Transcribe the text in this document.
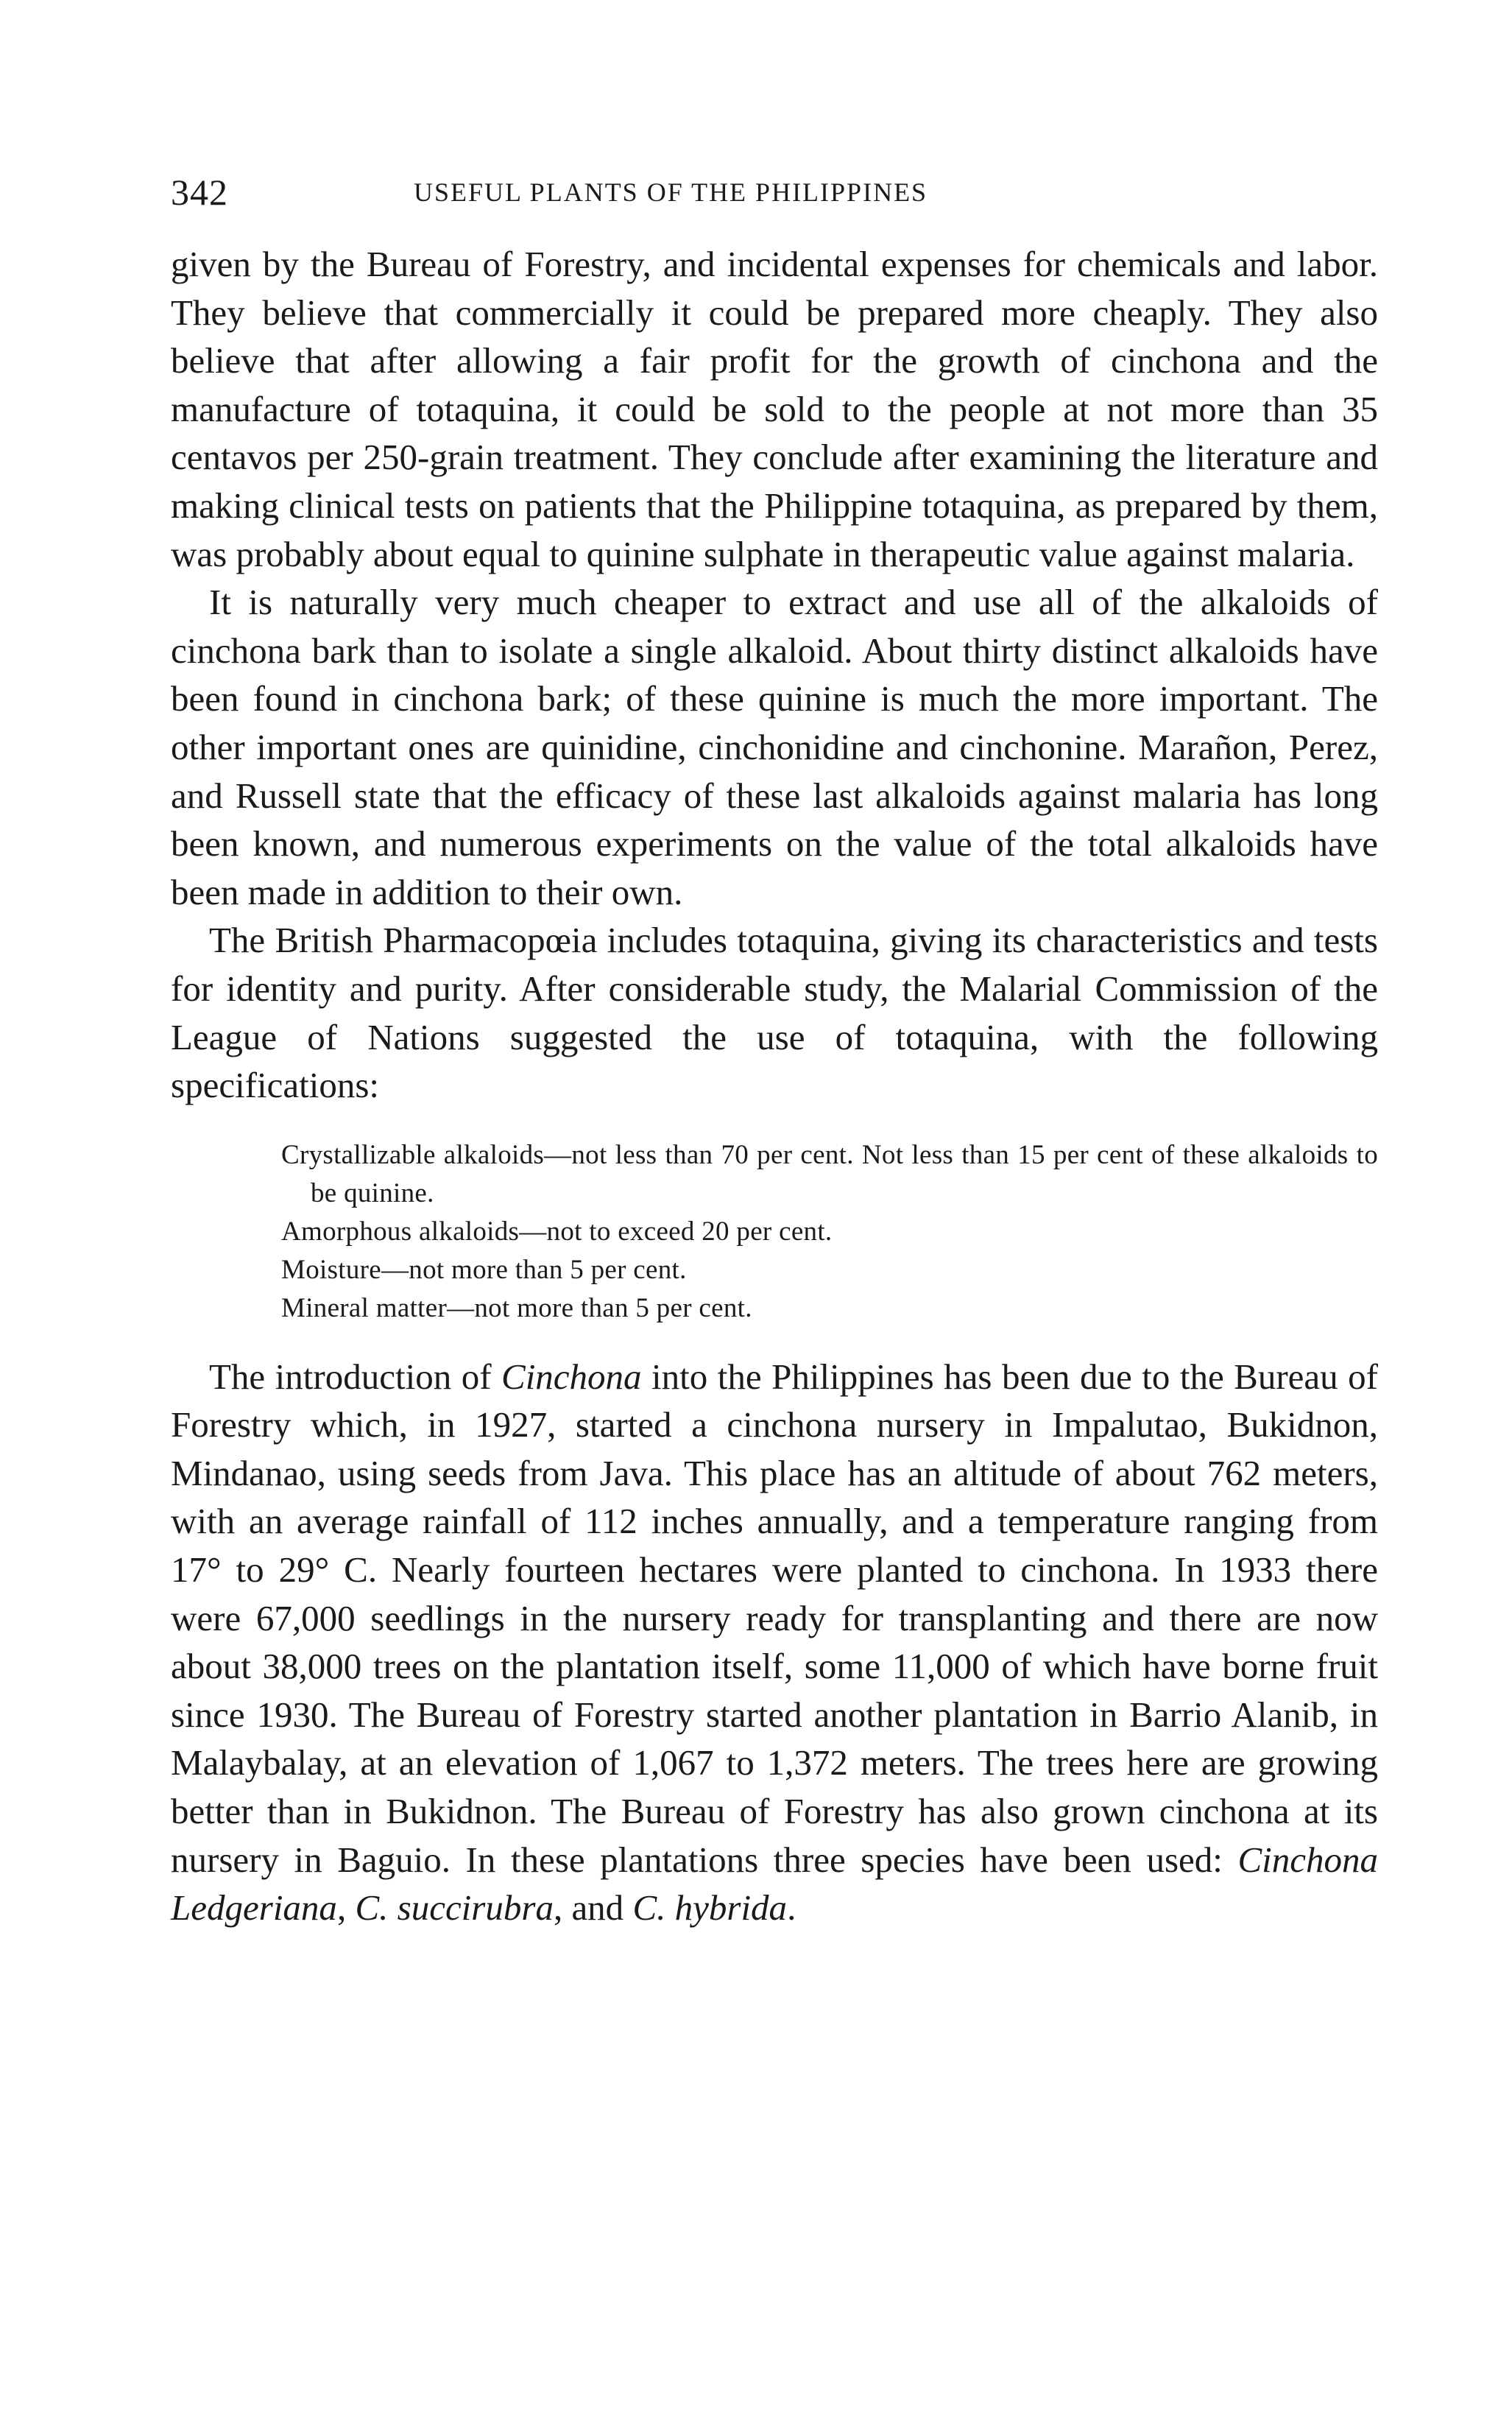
342	USEFUL PLANTS OF THE PHILIPPINES

given by the Bureau of Forestry, and incidental expenses for chemicals and labor. They believe that commercially it could be prepared more cheaply. They also believe that after allowing a fair profit for the growth of cinchona and the manufacture of totaquina, it could be sold to the people at not more than 35 centavos per 250-grain treatment. They conclude after examining the literature and making clinical tests on patients that the Philippine totaquina, as prepared by them, was probably about equal to quinine sulphate in therapeutic value against malaria.

It is naturally very much cheaper to extract and use all of the alkaloids of cinchona bark than to isolate a single alkaloid. About thirty distinct alkaloids have been found in cinchona bark; of these quinine is much the more important. The other important ones are quinidine, cinchonidine and cinchonine. Marañon, Perez, and Russell state that the efficacy of these last alkaloids against malaria has long been known, and numerous experiments on the value of the total alkaloids have been made in addition to their own.

The British Pharmacopœia includes totaquina, giving its characteristics and tests for identity and purity. After considerable study, the Malarial Commission of the League of Nations suggested the use of totaquina, with the following specifications:

Crystallizable alkaloids—not less than 70 per cent. Not less than 15 per cent of these alkaloids to be quinine.
Amorphous alkaloids—not to exceed 20 per cent.
Moisture—not more than 5 per cent.
Mineral matter—not more than 5 per cent.

The introduction of Cinchona into the Philippines has been due to the Bureau of Forestry which, in 1927, started a cinchona nursery in Impalutao, Bukidnon, Mindanao, using seeds from Java. This place has an altitude of about 762 meters, with an average rainfall of 112 inches annually, and a temperature ranging from 17° to 29° C. Nearly fourteen hectares were planted to cinchona. In 1933 there were 67,000 seedlings in the nursery ready for transplanting and there are now about 38,000 trees on the plantation itself, some 11,000 of which have borne fruit since 1930. The Bureau of Forestry started another plantation in Barrio Alanib, in Malaybalay, at an elevation of 1,067 to 1,372 meters. The trees here are growing better than in Bukidnon. The Bureau of Forestry has also grown cinchona at its nursery in Baguio. In these plantations three species have been used: Cinchona Ledgeriana, C. succirubra, and C. hybrida.
